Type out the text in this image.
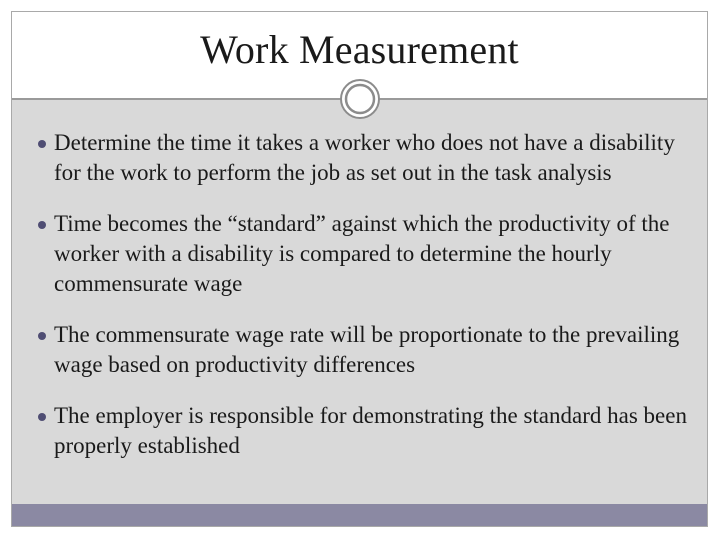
Work Measurement
Determine the time it takes a worker who does not have a disability for the work to perform the job as set out in the task analysis
Time becomes the “standard” against which the productivity of the worker with a disability is compared to determine the hourly commensurate wage
The commensurate wage rate will be proportionate to the prevailing wage based on productivity differences
The employer is responsible for demonstrating the standard has been properly established
